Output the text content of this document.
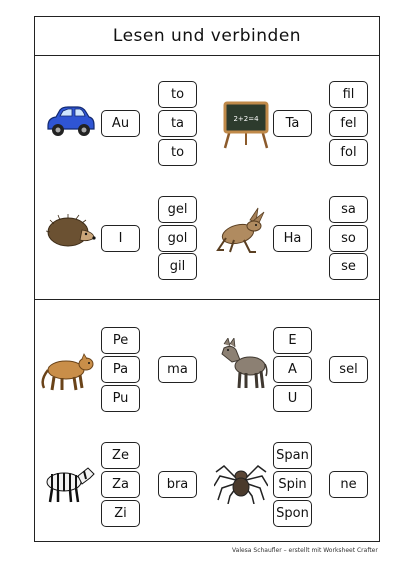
Lesen und verbinden
Au
to
ta
to
2+2=4	Ta
fil
fel
fol
I
gel
gol
gil
Ha
sa
so
se
Pe
Pa
Pu
ma
E
A
U
sel
Ze
Za
Zi
bra
Span
Spin
Spon
ne
Valesa Schaufler – erstellt mit Worksheet Crafter
